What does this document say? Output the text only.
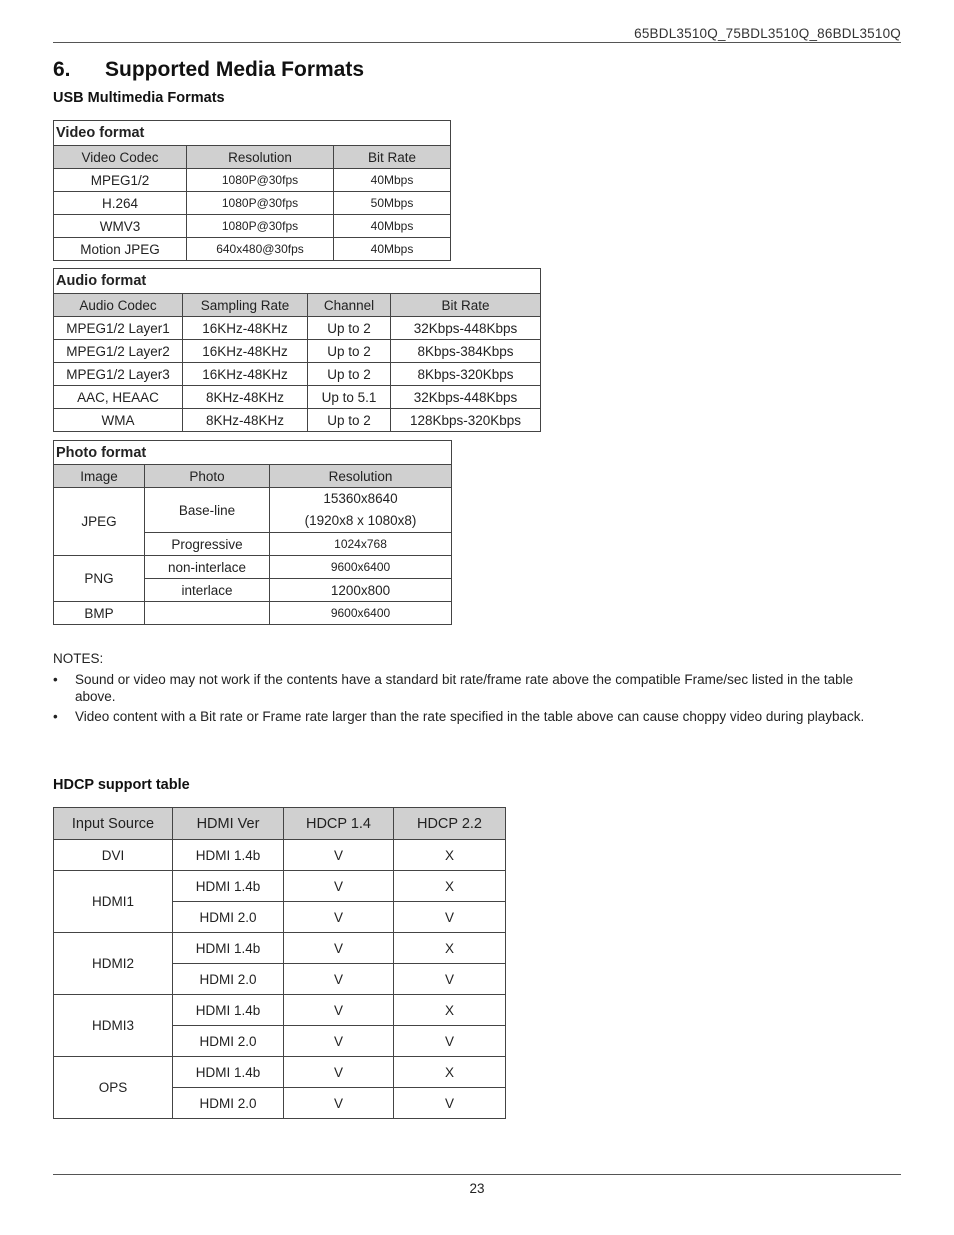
65BDL3510Q_75BDL3510Q_86BDL3510Q
6. Supported Media Formats
USB Multimedia Formats
Video format		
Video Codec	Resolution	Bit Rate
MPEG1/2	1080P@30fps	40Mbps
H.264	1080P@30fps	50Mbps
WMV3	1080P@30fps	40Mbps
Motion JPEG	640x480@30fps	40Mbps
Audio format			
Audio Codec	Sampling Rate	Channel	Bit Rate
MPEG1/2 Layer1	16KHz-48KHz	Up to 2	32Kbps-448Kbps
MPEG1/2 Layer2	16KHz-48KHz	Up to 2	8Kbps-384Kbps
MPEG1/2 Layer3	16KHz-48KHz	Up to 2	8Kbps-320Kbps
AAC, HEAAC	8KHz-48KHz	Up to 5.1	32Kbps-448Kbps
WMA	8KHz-48KHz	Up to 2	128Kbps-320Kbps
Photo format		
Image	Photo	Resolution
JPEG	Base-line	15360x8640
(1920x8 x 1080x8)

	Progressive	1024x768
PNG	non-interlace	9600x6400
	interlace	1200x800
BMP		9600x6400
NOTES:
• Sound or video may not work if the contents have a standard bit rate/frame rate above the compatible Frame/sec listed in the table above.
• Video content with a Bit rate or Frame rate larger than the rate specified in the table above can cause choppy video during playback.
HDCP support table
Input Source	HDMI Ver	HDCP 1.4	HDCP 2.2
DVI	HDMI 1.4b	V	X
HDMI1	HDMI 1.4b	V	X
	HDMI 2.0	V	V
HDMI2	HDMI 1.4b	V	X
	HDMI 2.0	V	V
HDMI3	HDMI 1.4b	V	X
	HDMI 2.0	V	V
OPS	HDMI 1.4b	V	X
	HDMI 2.0	V	V
23
